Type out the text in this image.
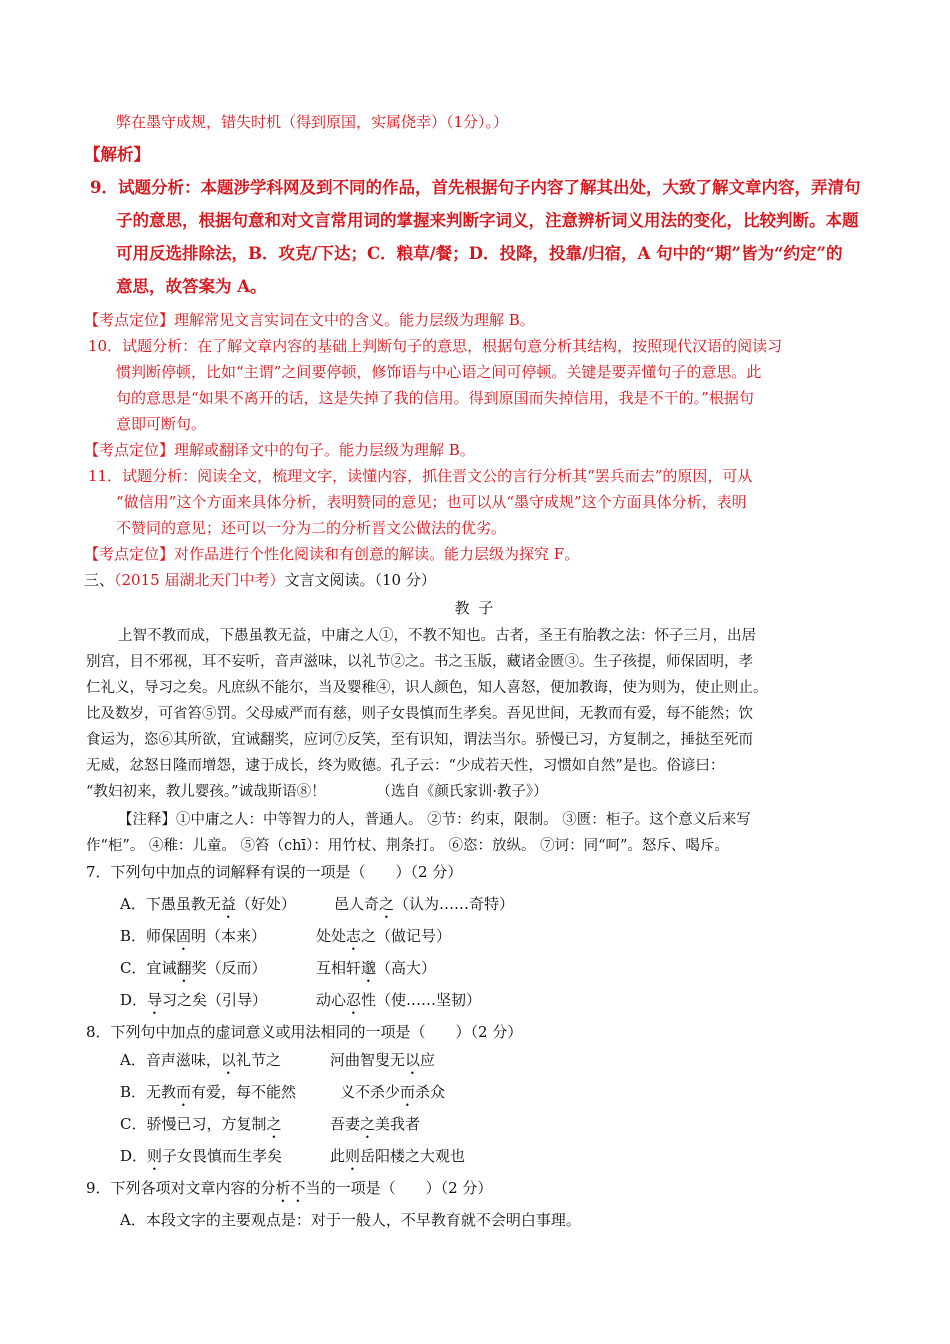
弊在墨守成规，错失时机（得到原国，实属侥幸）（1分）。）
【解析】
9．试题分析：本题涉学科网及到不同的作品，首先根据句子内容了解其出处，大致了解文章内容，弄清句
子的意思，根据句意和对文言常用词的掌握来判断字词义，注意辨析词义用法的变化，比较判断。本题
可用反选排除法，B．攻克/下达；C．粮草/餐；D．投降，投靠/归宿，A 句中的“期”皆为“约定”的
意思，故答案为 A。
【考点定位】理解常见文言实词在文中的含义。能力层级为理解 B。
10．试题分析：在了解文章内容的基础上判断句子的意思，根据句意分析其结构，按照现代汉语的阅读习
惯判断停顿，比如“主谓”之间要停顿，修饰语与中心语之间可停顿。关键是要弄懂句子的意思。此
句的意思是“如果不离开的话，这是失掉了我的信用。得到原国而失掉信用，我是不干的。”根据句
意即可断句。
【考点定位】理解或翻译文中的句子。能力层级为理解 B。
11．试题分析：阅读全文，梳理文字，读懂内容，抓住晋文公的言行分析其“罢兵而去”的原因，可从
“做信用”这个方面来具体分析，表明赞同的意见；也可以从“墨守成规”这个方面具体分析，表明
不赞同的意见；还可以一分为二的分析晋文公做法的优劣。
【考点定位】对作品进行个性化阅读和有创意的解读。能力层级为探究 F。
三、（2015 届湖北天门中考）文言文阅读。（10 分）
教 子
上智不教而成，下愚虽教无益，中庸之人①，不教不知也。古者，圣王有胎教之法：怀子三月，出居
别宫，目不邪视，耳不妄听，音声滋味，以礼节②之。书之玉版，藏诸金匮③。生子孩提，师保固明，孝
仁礼义，导习之矣。凡庶纵不能尔，当及婴稚④，识人颜色，知人喜怒，便加教诲，使为则为，使止则止。
比及数岁，可省笞⑤罚。父母威严而有慈，则子女畏慎而生孝矣。吾见世间，无教而有爱，每不能然；饮
食运为，恣⑥其所欲，宜诫翻奖，应诃⑦反笑，至有识知，谓法当尔。骄慢已习，方复制之，捶挞至死而
无威，忿怒日隆而增怨，逮于成长，终为败德。孔子云：“少成若天性，习惯如自然”是也。俗谚曰：
“教妇初来，教儿婴孩。”诚哉斯语⑧！　　　　（选自《颜氏家训·教子》）
【注释】①中庸之人：中等智力的人，普通人。 ②节：约束，限制。 ③匮：柜子。这个意义后来写
作“柜”。 ④稚：儿童。 ⑤笞（chī）：用竹杖、荆条打。 ⑥恣：放纵。 ⑦诃：同“呵”。怒斥、喝斥。
7．下列句中加点的词解释有误的一项是（　　）（2 分）
A．下愚虽教无益（好处）	邑人奇之（认为……奇特）
B．师保固明（本来）	处处志之（做记号）
C．宜诫翻奖（反而）	互相轩邈（高大）
D．导习之矣（引导）	动心忍性（使……坚韧）
8．下列句中加点的虚词意义或用法相同的一项是（　　）（2 分）
A．音声滋味，以礼节之	河曲智叟无以应
B．无教而有爱，每不能然	义不杀少而杀众
C．骄慢已习，方复制之	吾妻之美我者
D．则子女畏慎而生孝矣	此则岳阳楼之大观也
9．下列各项对文章内容的分析不当的一项是（　　）（2 分）
A．本段文字的主要观点是：对于一般人，不早教育就不会明白事理。
